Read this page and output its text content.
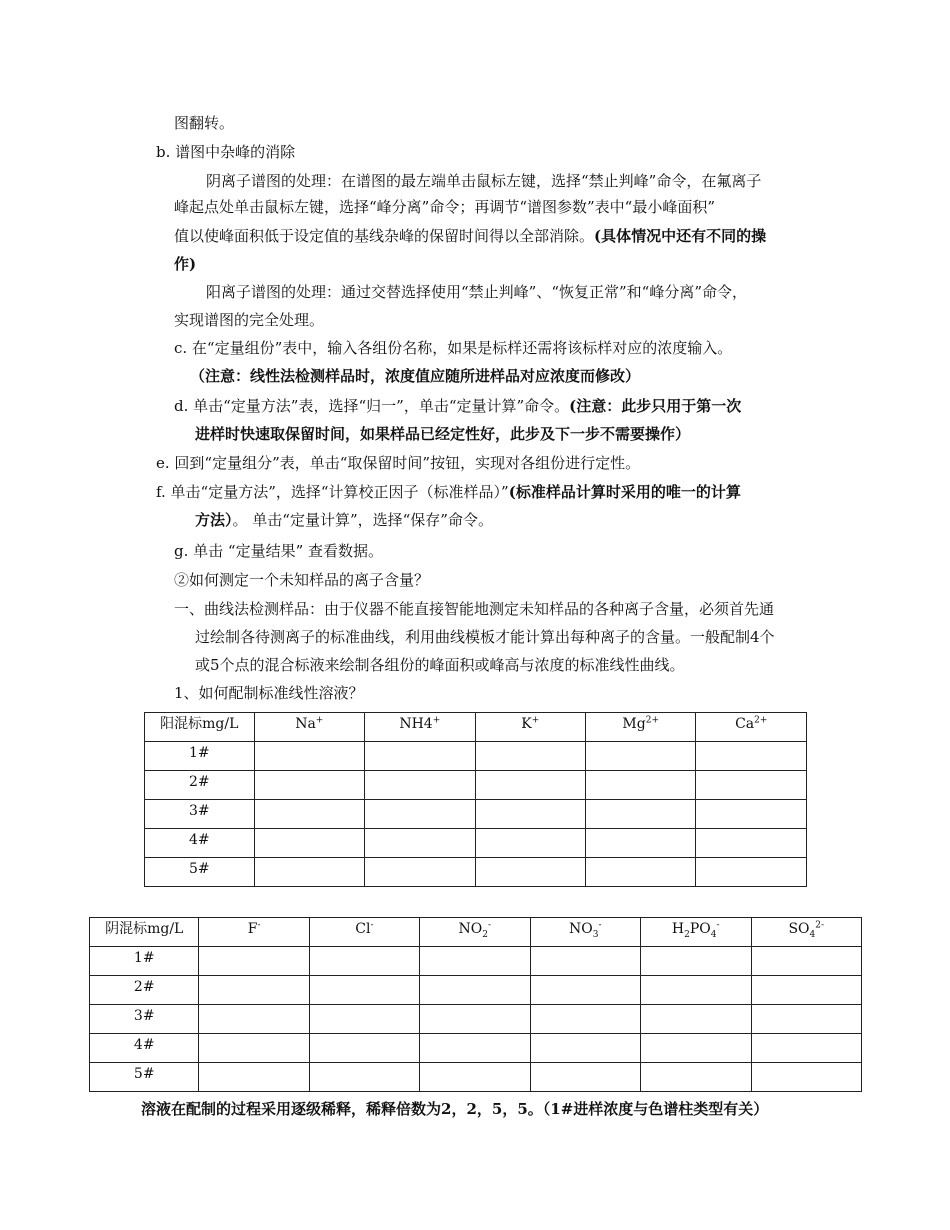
图翻转。
b. 谱图中杂峰的消除
阴离子谱图的处理：在谱图的最左端单击鼠标左键，选择“禁止判峰”命令，在氟离子
峰起点处单击鼠标左键，选择“峰分离”命令；再调节“谱图参数”表中“最小峰面积”
值以使峰面积低于设定值的基线杂峰的保留时间得以全部消除。(具体情况中还有不同的操
作)
阳离子谱图的处理：通过交替选择使用“禁止判峰”、“恢复正常”和“峰分离”命令，
实现谱图的完全处理。
c. 在“定量组份”表中，输入各组份名称，如果是标样还需将该标样对应的浓度输入。
（注意：线性法检测样品时，浓度值应随所进样品对应浓度而修改）
d. 单击“定量方法”表，选择“归一”，单击“定量计算”命令。(注意：此步只用于第一次
进样时快速取保留时间，如果样品已经定性好，此步及下一步不需要操作）
e. 回到“定量组分”表，单击“取保留时间”按钮，实现对各组份进行定性。
f. 单击“定量方法”，选择“计算校正因子（标准样品）”(标准样品计算时采用的唯一的计算
方法）。 单击“定量计算”，选择“保存”命令。
g. 单击 “定量结果” 查看数据。
②如何测定一个未知样品的离子含量？
一、曲线法检测样品：由于仪器不能直接智能地测定未知样品的各种离子含量，必须首先通
过绘制各待测离子的标准曲线，利用曲线模板才能计算出每种离子的含量。一般配制4个
或5个点的混合标液来绘制各组份的峰面积或峰高与浓度的标准线性曲线。
1、如何配制标准线性溶液？
阳混标mg/L	Na+	NH4+	K+	$Mg^{2+}$	$Ca^{2+}$
1#					
2#					
3#					
4#					
5#					
阴混标mg/L	F-	Cl-	$NO_2^-$	$NO_3^-$	$H_2PO_4^-$	$SO_4^{2-}$
1#						
2#						
3#						
4#						
5#						
溶液在配制的过程采用逐级稀释，稀释倍数为2，2，5，5。（1#进样浓度与色谱柱类型有关）
